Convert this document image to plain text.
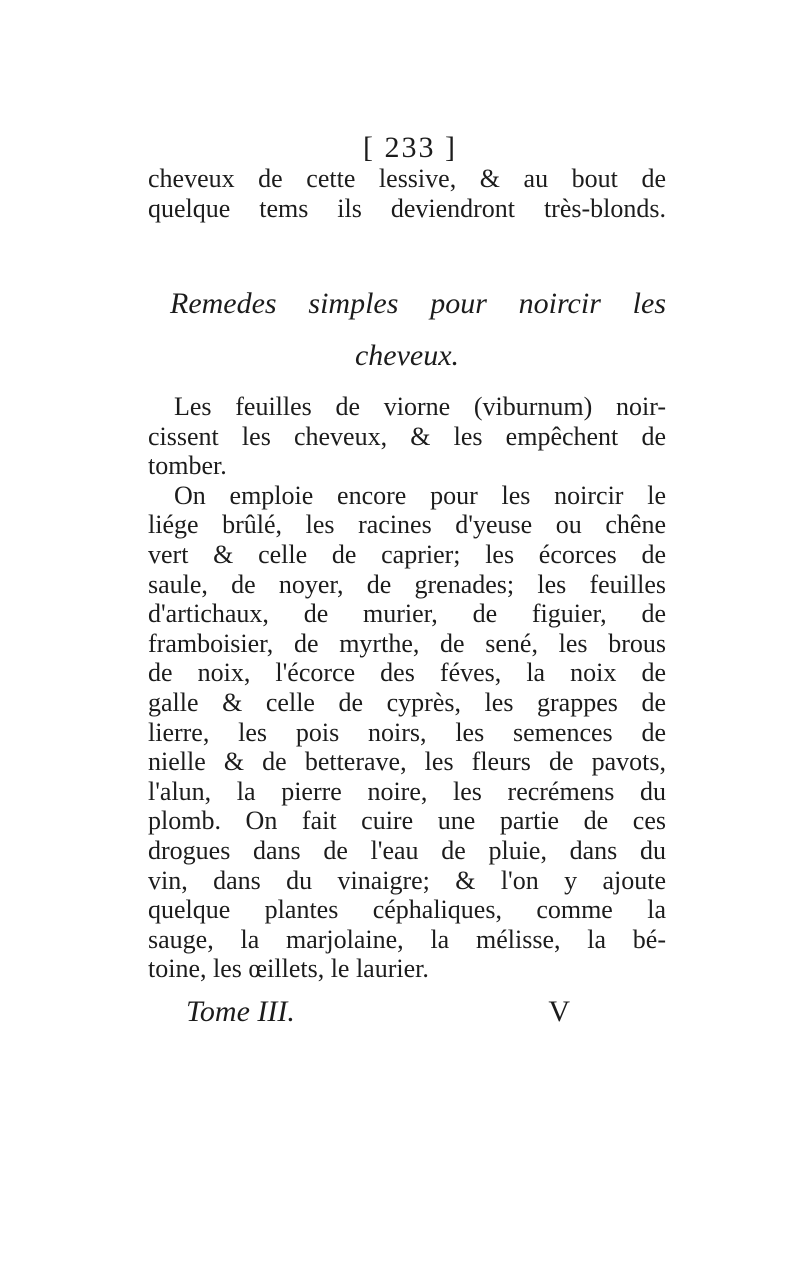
[ 233 ]
cheveux de cette lessive, & au bout de
quelque tems ils deviendront très-blonds.
Remedes simples pour noircir les
cheveux.
Les feuilles de viorne (viburnum) noir-
cissent les cheveux, & les empêchent de
tomber.
On emploie encore pour les noircir le
liége brûlé, les racines d'yeuse ou chêne
vert & celle de caprier; les écorces de
saule, de noyer, de grenades; les feuilles
d'artichaux, de murier, de figuier, de
framboisier, de myrthe, de sené, les brous
de noix, l'écorce des féves, la noix de
galle & celle de cyprès, les grappes de
lierre, les pois noirs, les semences de
nielle & de betterave, les fleurs de pavots,
l'alun, la pierre noire, les recrémens du
plomb. On fait cuire une partie de ces
drogues dans de l'eau de pluie, dans du
vin, dans du vinaigre; & l'on y ajoute
quelque plantes céphaliques, comme la
sauge, la marjolaine, la mélisse, la bé-
toine, les œillets, le laurier.
Tome III.	V
